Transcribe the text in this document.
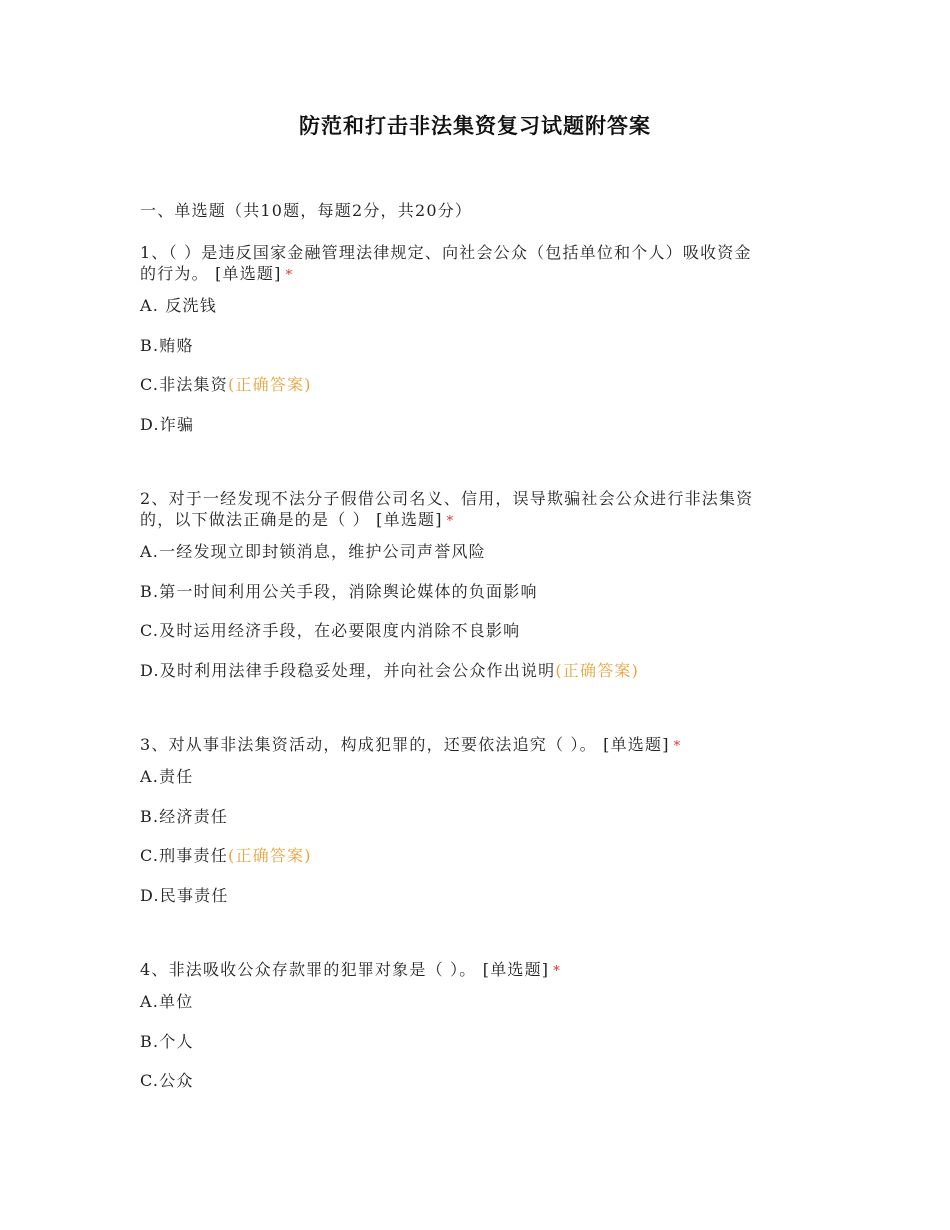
防范和打击非法集资复习试题附答案
一、单选题（共10题，每题2分，共20分）
1、（ ）是违反国家金融管理法律规定、向社会公众（包括单位和个人）吸收资金
的行为。 [单选题] *
A. 反洗钱
B.贿赂
C.非法集资(正确答案)
D.诈骗
2、对于一经发现不法分子假借公司名义、信用，误导欺骗社会公众进行非法集资
的，以下做法正确是的是（ ） [单选题] *
A.一经发现立即封锁消息，维护公司声誉风险
B.第一时间利用公关手段，消除舆论媒体的负面影响
C.及时运用经济手段，在必要限度内消除不良影响
D.及时利用法律手段稳妥处理，并向社会公众作出说明(正确答案)
3、对从事非法集资活动，构成犯罪的，还要依法追究（ ）。 [单选题] *
A.责任
B.经济责任
C.刑事责任(正确答案)
D.民事责任
4、非法吸收公众存款罪的犯罪对象是（ ）。 [单选题] *
A.单位
B.个人
C.公众
